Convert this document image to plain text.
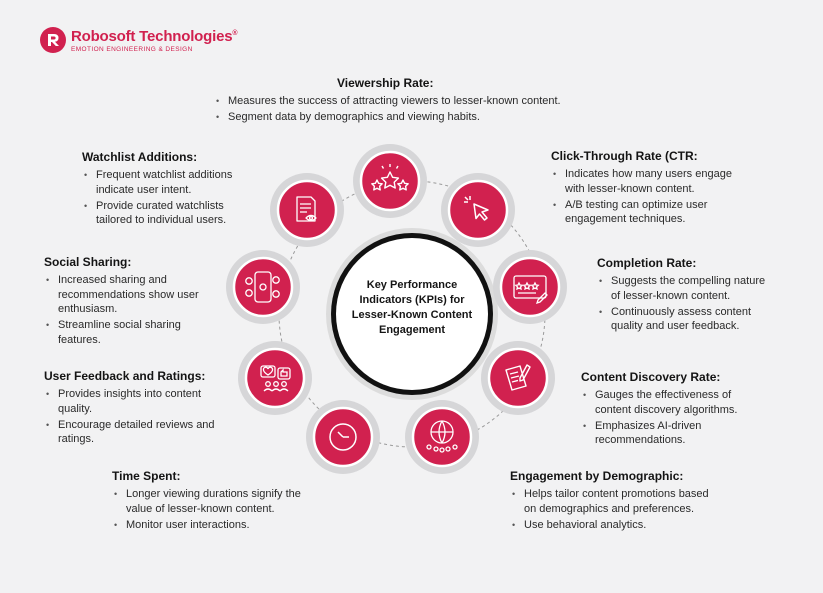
Robosoft Technologies®
EMOTION ENGINEERING & DESIGN
Key Performance Indicators (KPIs) for Lesser-Known Content Engagement
Viewership Rate:
• Measures the success of attracting viewers to lesser-known content.
• Segment data by demographics and viewing habits.
Click-Through Rate (CTR:
• Indicates how many users engage with lesser-known content.
• A/B testing can optimize user engagement techniques.
Completion Rate:
• Suggests the compelling nature of lesser-known content.
• Continuously assess content quality and user feedback.
Content Discovery Rate:
• Gauges the effectiveness of content discovery algorithms.
• Emphasizes AI-driven recommendations.
Engagement by Demographic:
• Helps tailor content promotions based on demographics and preferences.
• Use behavioral analytics.
Time Spent:
• Longer viewing durations signify the value of lesser-known content.
• Monitor user interactions.
User Feedback and Ratings:
• Provides insights into content quality.
• Encourage detailed reviews and ratings.
Social Sharing:
• Increased sharing and recommendations show user enthusiasm.
• Streamline social sharing features.
Watchlist Additions:
• Frequent watchlist additions indicate user intent.
• Provide curated watchlists tailored to individual users.
